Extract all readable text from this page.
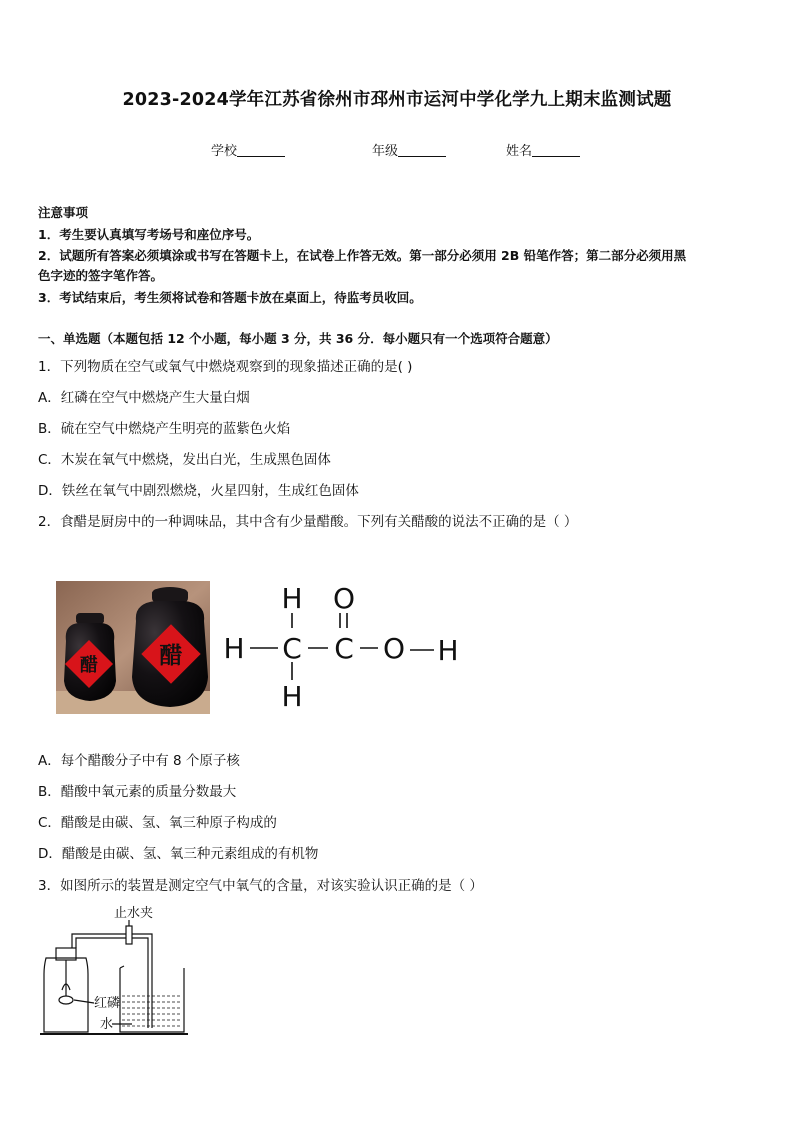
2023-2024学年江苏省徐州市邳州市运河中学化学九上期末监测试题
学校	年级	姓名
注意事项
1．考生要认真填写考场号和座位序号。
2．试题所有答案必须填涂或书写在答题卡上，在试卷上作答无效。第一部分必须用 2B 铅笔作答；第二部分必须用黑
色字迹的签字笔作答。
3．考试结束后，考生须将试卷和答题卡放在桌面上，待监考员收回。
一、单选题（本题包括 12 个小题，每小题 3 分，共 36 分．每小题只有一个选项符合题意）
1．下列物质在空气或氧气中燃烧观察到的现象描述正确的是( )
A．红磷在空气中燃烧产生大量白烟
B．硫在空气中燃烧产生明亮的蓝紫色火焰
C．木炭在氧气中燃烧，发出白光，生成黑色固体
D．铁丝在氧气中剧烈燃烧，火星四射，生成红色固体
2．食醋是厨房中的一种调味品，其中含有少量醋酸。下列有关醋酸的说法不正确的是（ ）
醋	醋 H
H
C
H
O
C O H
A．每个醋酸分子中有 8 个原子核
B．醋酸中氧元素的质量分数最大
C．醋酸是由碳、氢、氧三种原子构成的
D．醋酸是由碳、氢、氧三种元素组成的有机物
3．如图所示的装置是测定空气中氧气的含量，对该实验认识正确的是（ ）
止水夹
红磷
水
